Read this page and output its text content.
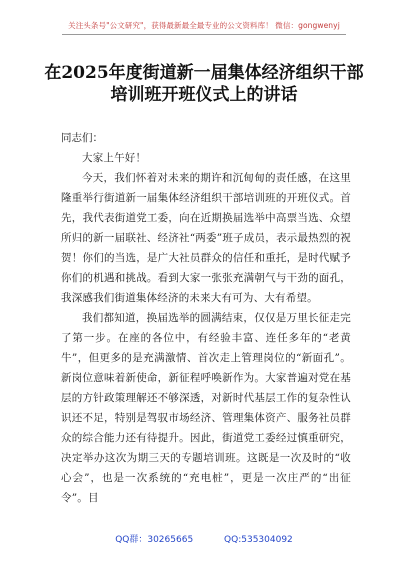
关注头条号"公文研究"，获得最新最全最专业的公文资料库！ 微信：gongwenyj
在2025年度街道新一届集体经济组织干部培训班开班仪式上的讲话
同志们：

大家上午好！

今天，我们怀着对未来的期许和沉甸甸的责任感，在这里隆重举行街道新一届集体经济组织干部培训班的开班仪式。首先，我代表街道党工委，向在近期换届选举中高票当选、众望所归的新一届联社、经济社“两委”班子成员，表示最热烈的祝贺！你们的当选，是广大社员群众的信任和重托，是时代赋予你们的机遇和挑战。看到大家一张张充满朝气与干劲的面孔，我深感我们街道集体经济的未来大有可为、大有希望。

我们都知道，换届选举的圆满结束，仅仅是万里长征走完了第一步。在座的各位中，有经验丰富、连任多年的“老黄牛”，但更多的是充满激情、首次走上管理岗位的“新面孔”。新岗位意味着新使命，新征程呼唤新作为。大家普遍对党在基层的方针政策理解还不够深透，对新时代基层工作的复杂性认识还不足，特别是驾驭市场经济、管理集体资产、服务社员群众的综合能力还有待提升。因此，街道党工委经过慎重研究，决定举办这次为期三天的专题培训班。这既是一次及时的“收心会”，也是一次系统的“充电桩”，更是一次庄严的“出征令”。目

QQ群：30265665	QQ:535304092
